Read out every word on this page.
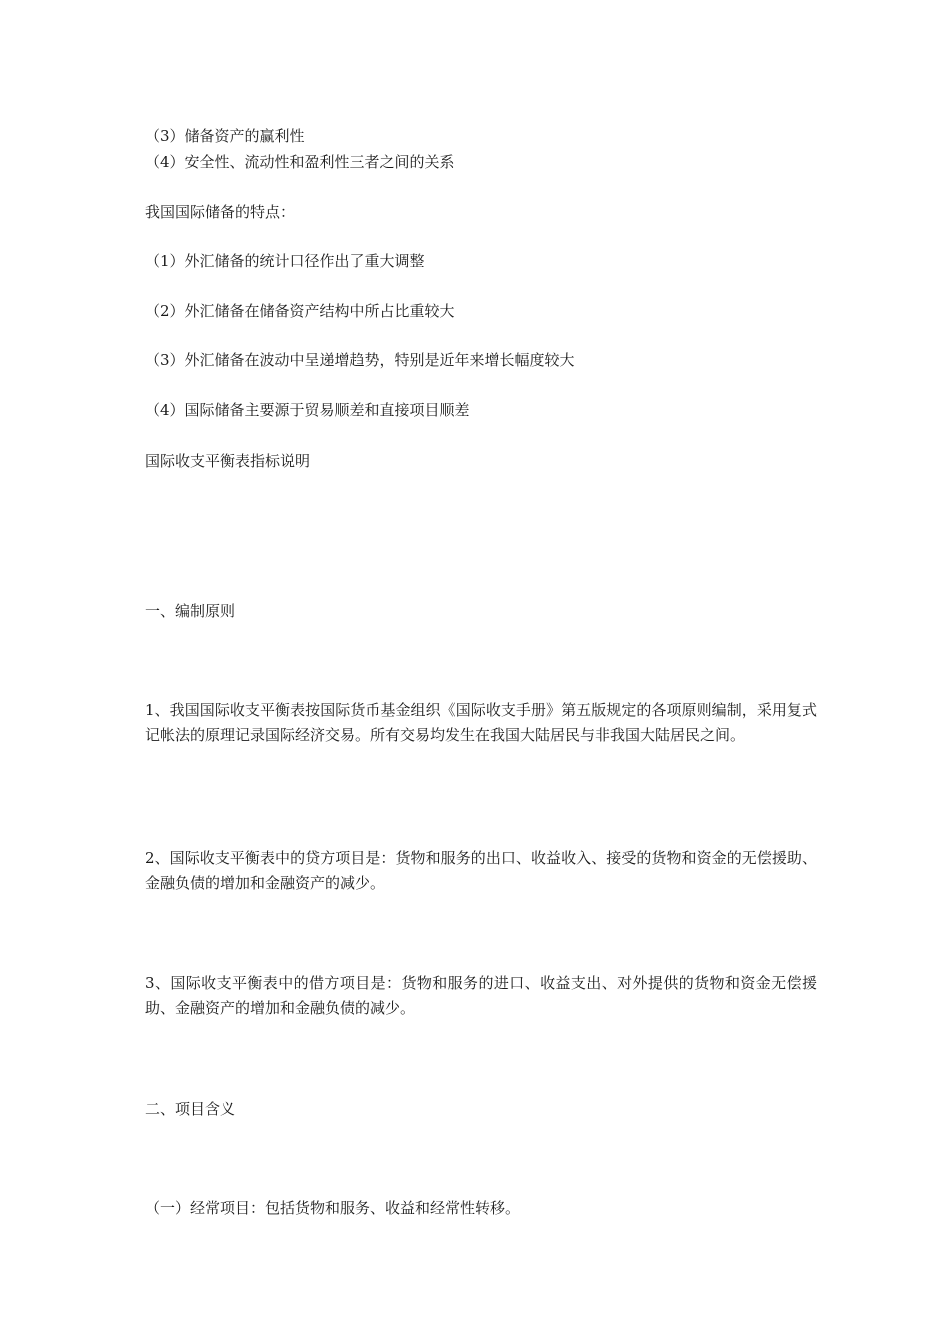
（3）储备资产的赢利性
（4）安全性、流动性和盈利性三者之间的关系
我国国际储备的特点：
（1）外汇储备的统计口径作出了重大调整
（2）外汇储备在储备资产结构中所占比重较大
（3）外汇储备在波动中呈递增趋势，特别是近年来增长幅度较大
（4）国际储备主要源于贸易顺差和直接项目顺差
国际收支平衡表指标说明
一、编制原则
1、我国国际收支平衡表按国际货币基金组织《国际收支手册》第五版规定的各项原则编制，采用复式记帐法的原理记录国际经济交易。所有交易均发生在我国大陆居民与非我国大陆居民之间。
2、国际收支平衡表中的贷方项目是：货物和服务的出口、收益收入、接受的货物和资金的无偿援助、金融负债的增加和金融资产的减少。
3、国际收支平衡表中的借方项目是：货物和服务的进口、收益支出、对外提供的货物和资金无偿援助、金融资产的增加和金融负债的减少。
二、项目含义
（一）经常项目：包括货物和服务、收益和经常性转移。
